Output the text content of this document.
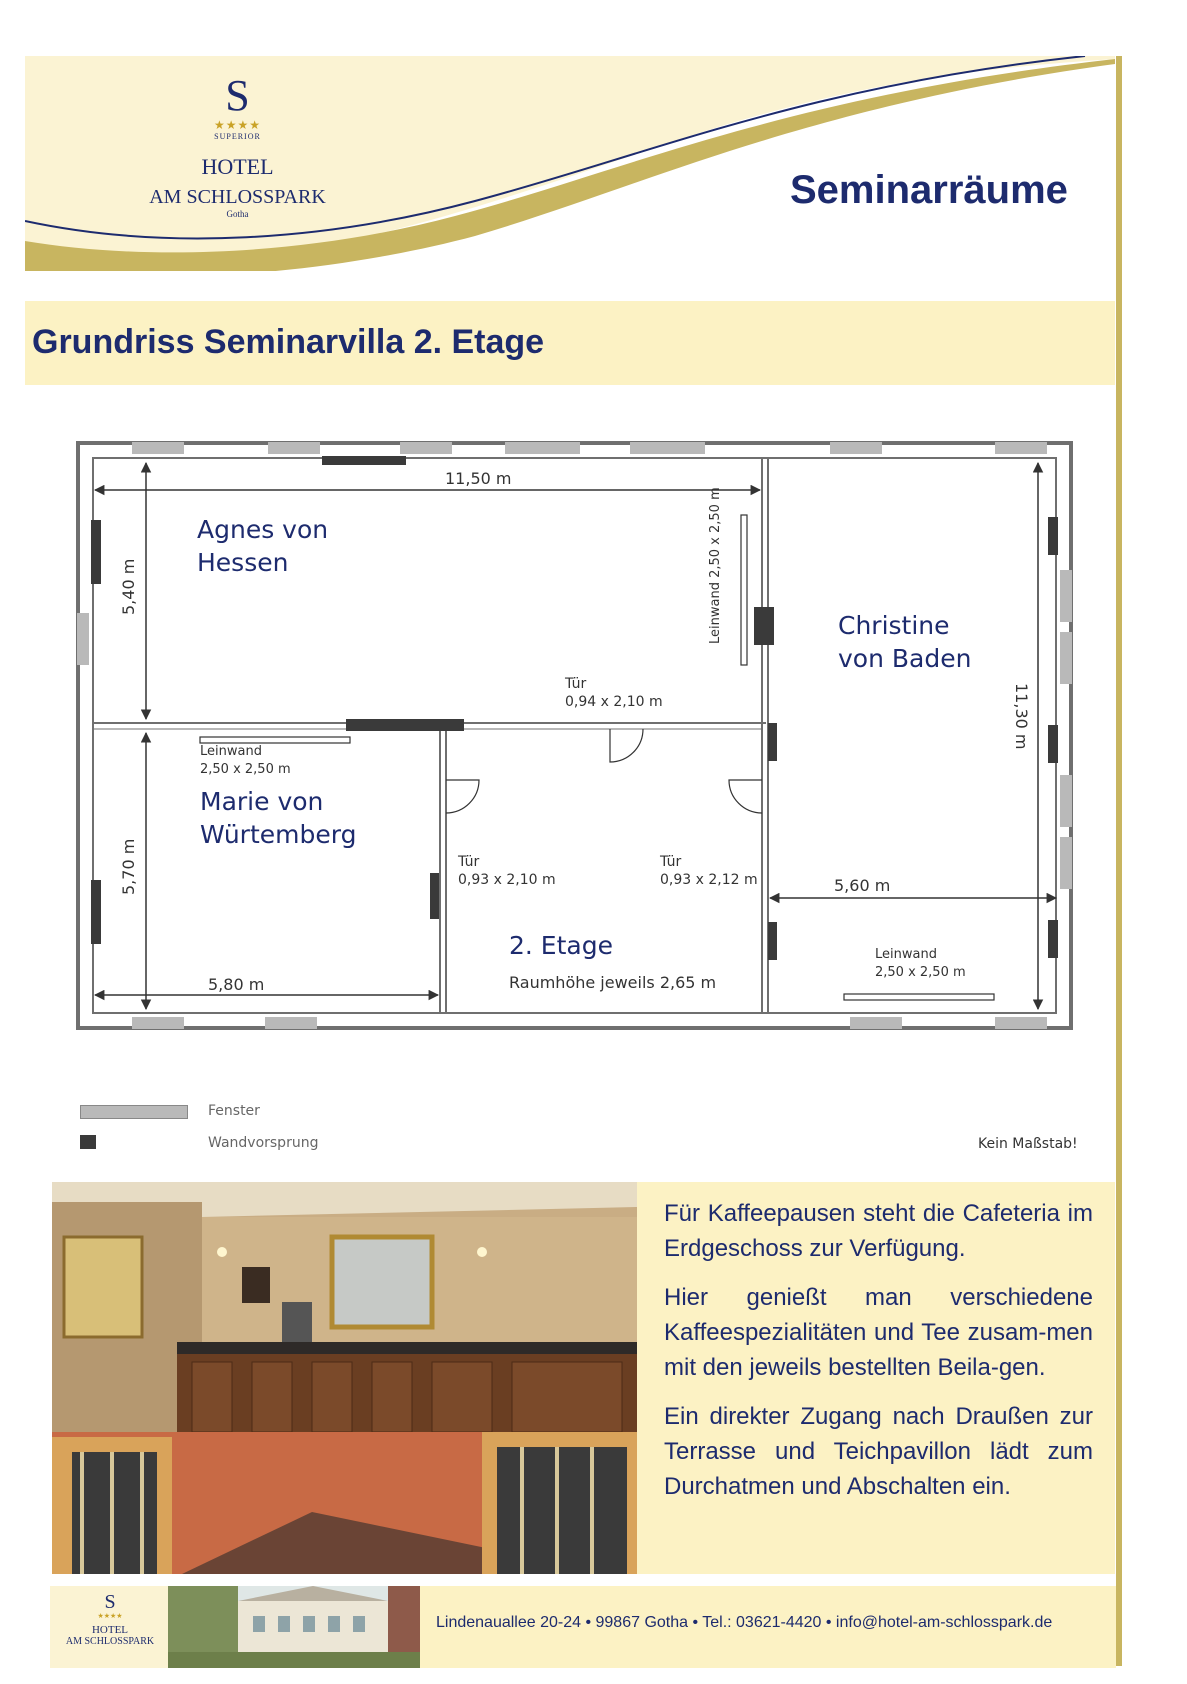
S
★★★★
SUPERIOR
HOTEL
AM SCHLOSSPARK
Gotha
Seminarräume
Grundriss Seminarvilla 2. Etage
11,50 m
5,40 m
5,70 m
5,80 m
11,30 m
5,60 m
Agnes von
Hessen
Christine
von Baden
Marie von
Würtemberg
2. Etage
Raumhöhe jeweils 2,65 m
Tür
0,94 x 2,10 m
Tür
0,93 x 2,10 m
Tür
0,93 x 2,12 m
Leinwand 2,50 x 2,50 m
Leinwand
2,50 x 2,50 m
Leinwand
2,50 x 2,50 m
Fenster
Wandvorsprung	Kein Maßstab!

Für Kaffeepausen steht die Cafeteria im Erdgeschoss zur Verfügung.

Hier genießt man verschiedene Kaffeespezialitäten und Tee zusam-men mit den jeweils bestellten Beila-gen.

Ein direkter Zugang nach Draußen zur Terrasse und Teichpavillon lädt zum Durchatmen und Abschalten ein.

S
★★★★
HOTEL
AM SCHLOSSPARK
Lindenauallee 20-24 • 99867 Gotha • Tel.: 03621-4420 • info@hotel-am-schlosspark.de
